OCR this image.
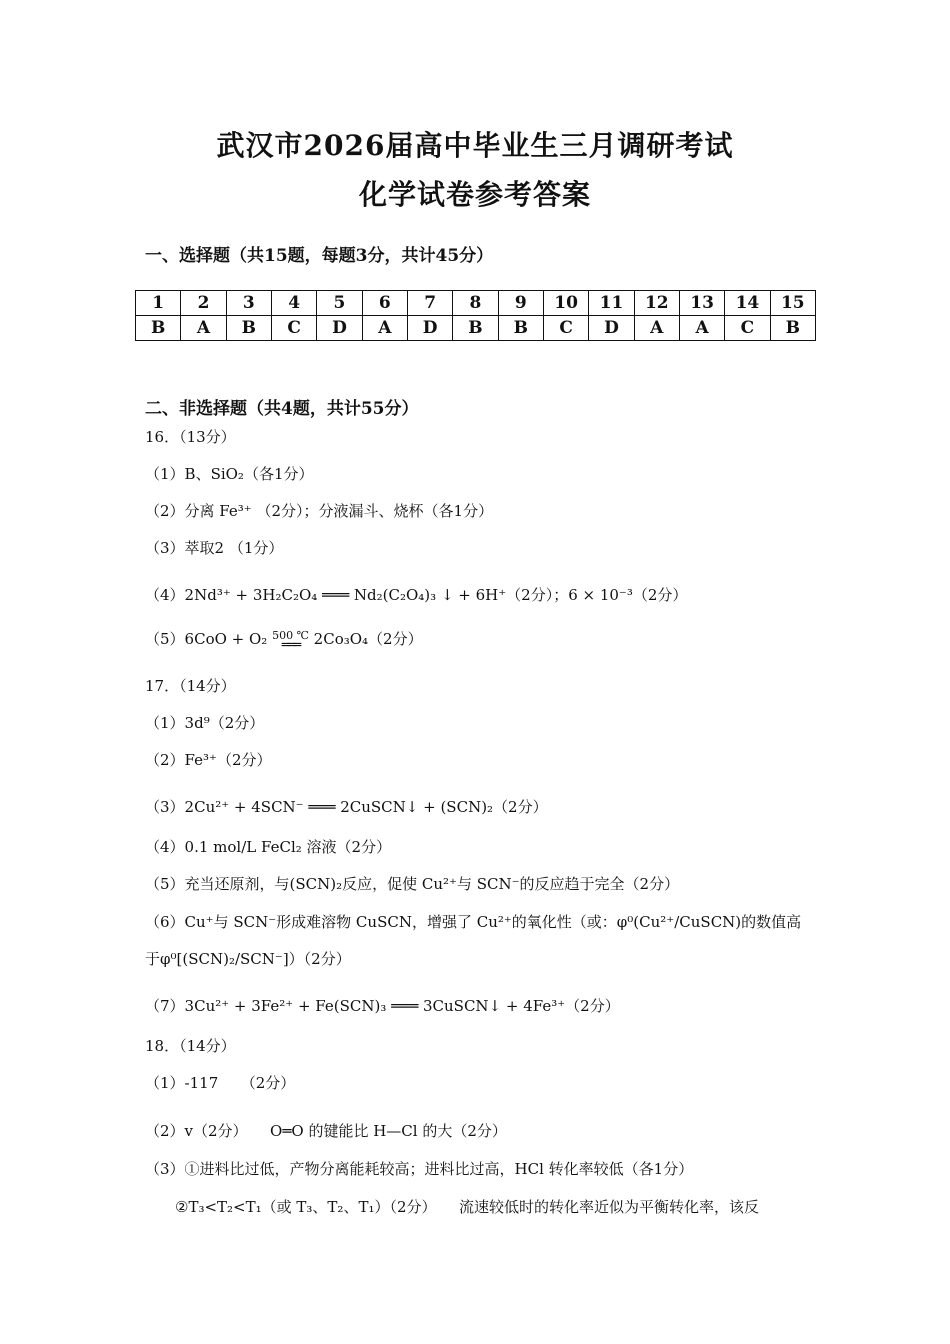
武汉市2026届高中毕业生三月调研考试
化学试卷参考答案
一、选择题（共15题，每题3分，共计45分）
1	2	3	4	5	6	7	8	9	10	11	12	13	14	15
B	A	B	C	D	A	D	B	B	C	D	A	A	C	B
二、非选择题（共4题，共计55分）
16．（13分）
（1）B、SiO₂（各1分）
（2）分离 Fe³⁺ （2分）；分液漏斗、烧杯（各1分）
（3）萃取2 （1分）
（4）2Nd³⁺ + 3H₂C₂O₄ ═══ Nd₂(C₂O₄)₃ ↓ + 6H⁺（2分）；6 × 10⁻³（2分）
（5）6CoO + O₂ 500 ℃
═══ 2Co₃O₄（2分）
17．（14分）
（1）3d⁹（2分）
（2）Fe³⁺（2分）
（3）2Cu²⁺ + 4SCN⁻ ═══ 2CuSCN↓ + (SCN)₂（2分）
（4）0.1 mol/L FeCl₂ 溶液（2分）
（5）充当还原剂，与(SCN)₂反应，促使 Cu²⁺与 SCN⁻的反应趋于完全（2分）
（6）Cu⁺与 SCN⁻形成难溶物 CuSCN，增强了 Cu²⁺的氧化性（或：φ⁰(Cu²⁺/CuSCN)的数值高
于φ⁰[(SCN)₂/SCN⁻]）（2分）
（7）3Cu²⁺ + 3Fe²⁺ + Fe(SCN)₃ ═══ 3CuSCN↓ + 4Fe³⁺（2分）
18．（14分）
（1）-117　　（2分）
（2）v（2分）　　O═O 的键能比 H—Cl 的大（2分）
（3）①进料比过低，产物分离能耗较高；进料比过高，HCl 转化率较低（各1分）
②T₃<T₂<T₁（或 T₃、T₂、T₁）（2分）　　流速较低时的转化率近似为平衡转化率，该反
